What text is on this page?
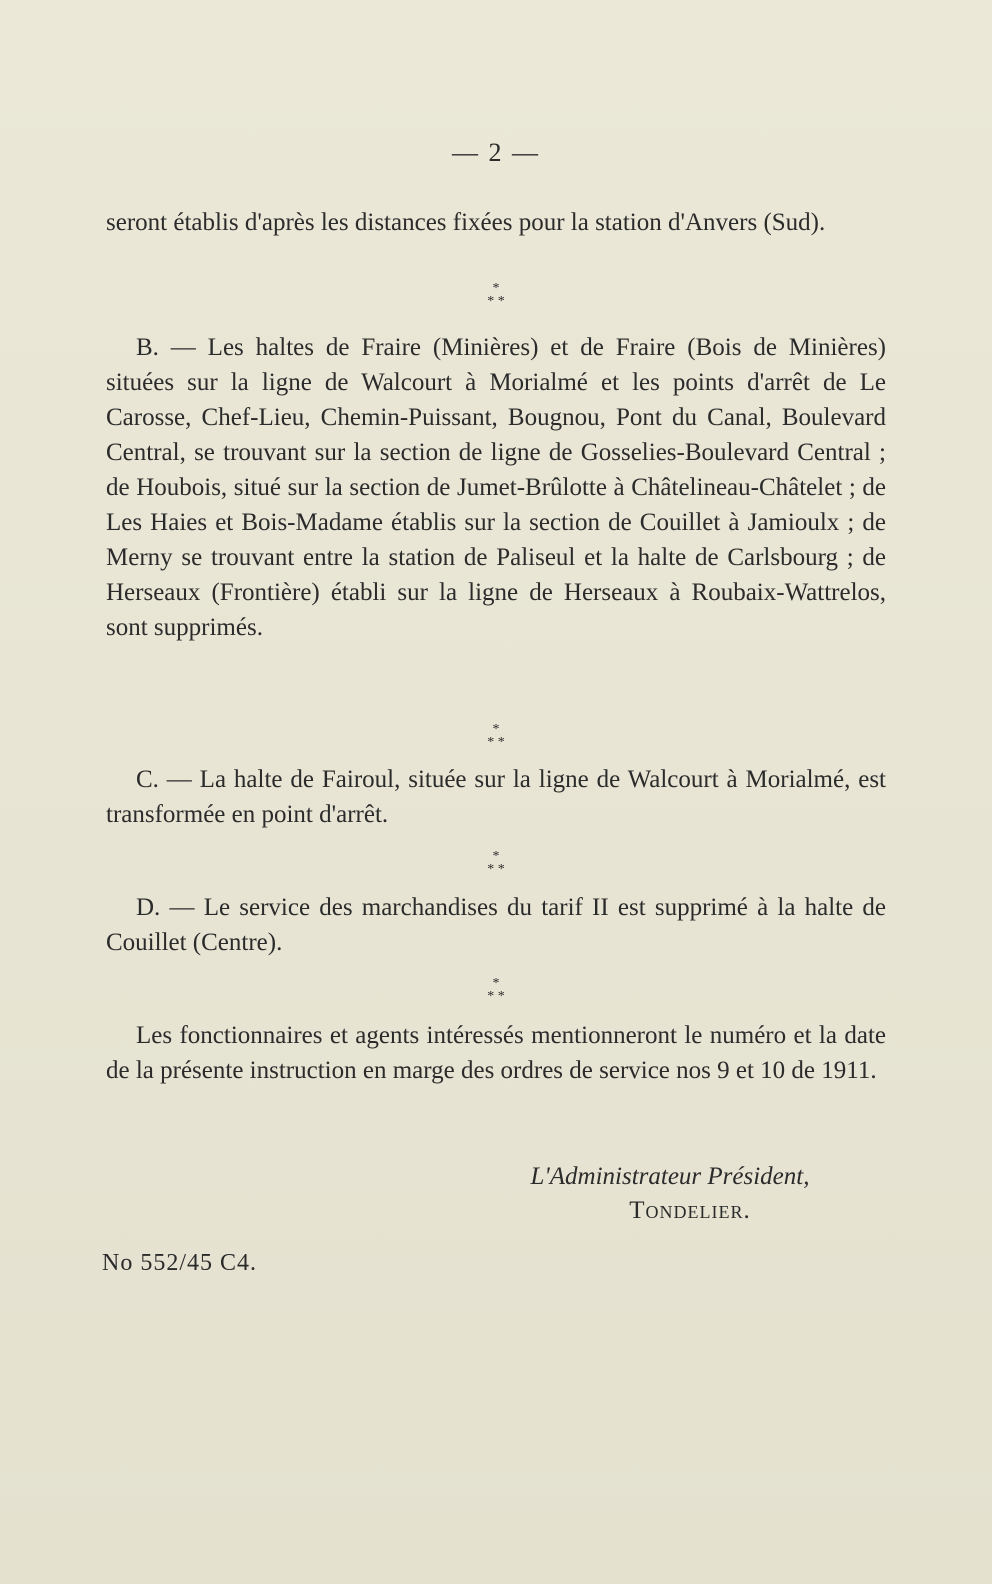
— 2 —

seront établis d'après les distances fixées pour la station d'Anvers (Sud).

*
* *

B. — Les haltes de Fraire (Minières) et de Fraire (Bois de Minières) situées sur la ligne de Walcourt à Morialmé et les points d'arrêt de Le Carosse, Chef-Lieu, Chemin-Puissant, Bougnou, Pont du Canal, Boulevard Central, se trouvant sur la section de ligne de Gosselies-Boulevard Central ; de Houbois, situé sur la section de Jumet-Brûlotte à Châtelineau-Châtelet ; de Les Haies et Bois-Madame établis sur la section de Couillet à Jamioulx ; de Merny se trouvant entre la station de Paliseul et la halte de Carlsbourg ; de Herseaux (Frontière) établi sur la ligne de Herseaux à Roubaix-Wattrelos, sont supprimés.

*
* *

C. — La halte de Fairoul, située sur la ligne de Walcourt à Morialmé, est transformée en point d'arrêt.

*
* *

D. — Le service des marchandises du tarif II est supprimé à la halte de Couillet (Centre).

*
* *

Les fonctionnaires et agents intéressés mentionneront le numéro et la date de la présente instruction en marge des ordres de service nos 9 et 10 de 1911.

L'Administrateur Président,
Tondelier.
No 552/45 C4.
